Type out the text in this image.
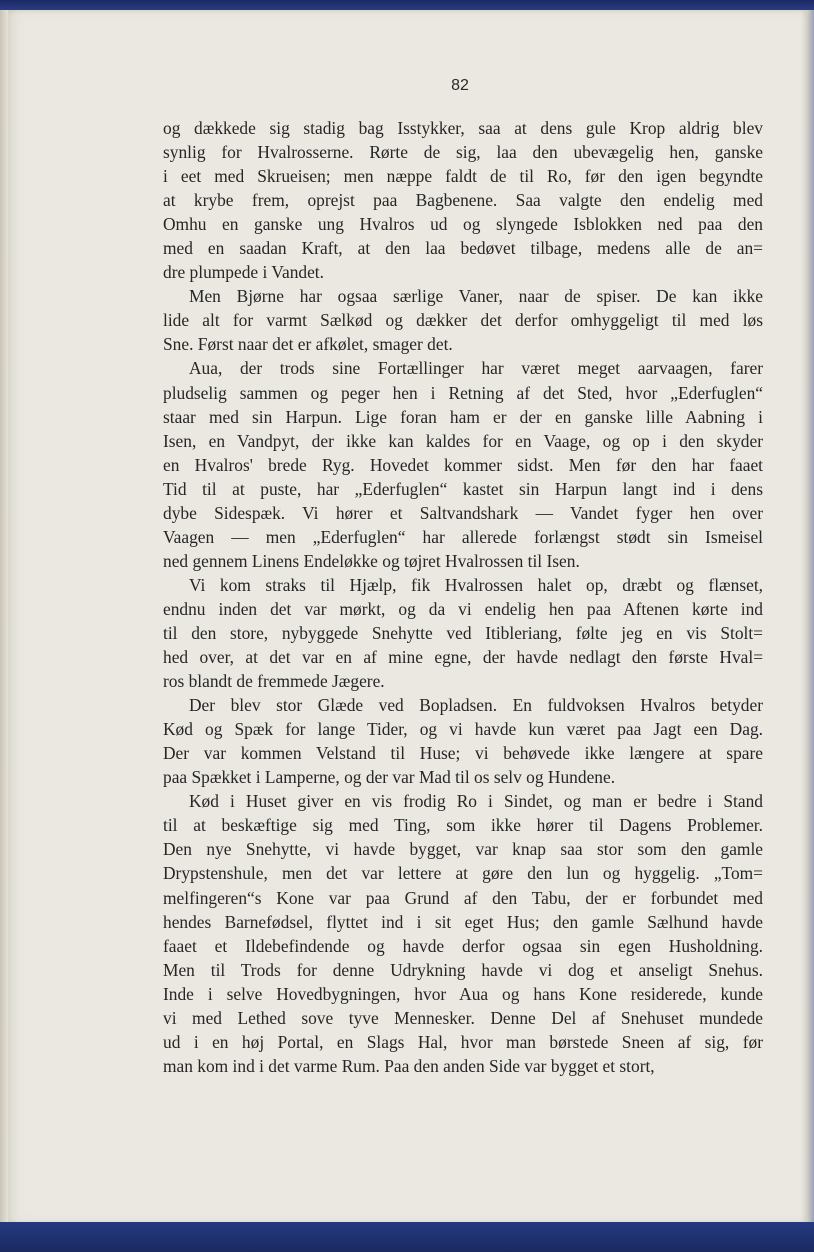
82
og dækkede sig stadig bag Isstykker, saa at dens gule Krop aldrig blev
synlig for Hvalrosserne. Rørte de sig, laa den ubevægelig hen, ganske
i eet med Skrueisen; men næppe faldt de til Ro, før den igen begyndte
at krybe frem, oprejst paa Bagbenene. Saa valgte den endelig med
Omhu en ganske ung Hvalros ud og slyngede Isblokken ned paa den
med en saadan Kraft, at den laa bedøvet tilbage, medens alle de an=
dre plumpede i Vandet.
Men Bjørne har ogsaa særlige Vaner, naar de spiser. De kan ikke
lide alt for varmt Sælkød og dækker det derfor omhyggeligt til med løs
Sne. Først naar det er afkølet, smager det.
Aua, der trods sine Fortællinger har været meget aarvaagen, farer
pludselig sammen og peger hen i Retning af det Sted, hvor „Ederfuglen“
staar med sin Harpun. Lige foran ham er der en ganske lille Aabning i
Isen, en Vandpyt, der ikke kan kaldes for en Vaage, og op i den skyder
en Hvalros' brede Ryg. Hovedet kommer sidst. Men før den har faaet
Tid til at puste, har „Ederfuglen“ kastet sin Harpun langt ind i dens
dybe Sidespæk. Vi hører et Saltvandshark — Vandet fyger hen over
Vaagen — men „Ederfuglen“ har allerede forlængst stødt sin Ismeisel
ned gennem Linens Endeløkke og tøjret Hvalrossen til Isen.
Vi kom straks til Hjælp, fik Hvalrossen halet op, dræbt og flænset,
endnu inden det var mørkt, og da vi endelig hen paa Aftenen kørte ind
til den store, nybyggede Snehytte ved Itibleriang, følte jeg en vis Stolt=
hed over, at det var en af mine egne, der havde nedlagt den første Hval=
ros blandt de fremmede Jægere.
Der blev stor Glæde ved Bopladsen. En fuldvoksen Hvalros betyder
Kød og Spæk for lange Tider, og vi havde kun været paa Jagt een Dag.
Der var kommen Velstand til Huse; vi behøvede ikke længere at spare
paa Spækket i Lamperne, og der var Mad til os selv og Hundene.
Kød i Huset giver en vis frodig Ro i Sindet, og man er bedre i Stand
til at beskæftige sig med Ting, som ikke hører til Dagens Problemer.
Den nye Snehytte, vi havde bygget, var knap saa stor som den gamle
Drypstenshule, men det var lettere at gøre den lun og hyggelig. „Tom=
melfingeren“s Kone var paa Grund af den Tabu, der er forbundet med
hendes Barnefødsel, flyttet ind i sit eget Hus; den gamle Sælhund havde
faaet et Ildebefindende og havde derfor ogsaa sin egen Husholdning.
Men til Trods for denne Udrykning havde vi dog et anseligt Snehus.
Inde i selve Hovedbygningen, hvor Aua og hans Kone residerede, kunde
vi med Lethed sove tyve Mennesker. Denne Del af Snehuset mundede
ud i en høj Portal, en Slags Hal, hvor man børstede Sneen af sig, før
man kom ind i det varme Rum. Paa den anden Side var bygget et stort,
